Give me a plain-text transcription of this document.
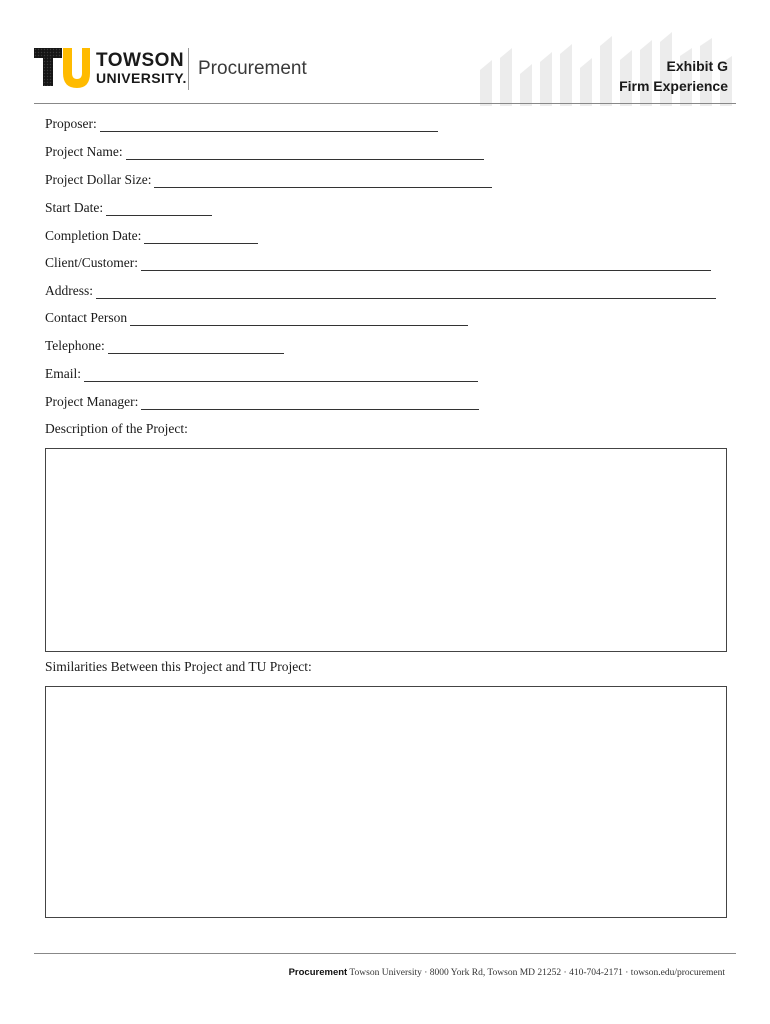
TOWSON
UNIVERSITY. Procurement	Exhibit G
Firm Experience
Proposer:
Project Name:
Project Dollar Size:
Start Date:
Completion Date:
Client/Customer:
Address:
Contact Person
Telephone:
Email:
Project Manager:
Description of the Project:
Similarities Between this Project and TU Project:
Procurement Towson University · 8000 York Rd, Towson MD 21252 · 410-704-2171 · towson.edu/procurement
